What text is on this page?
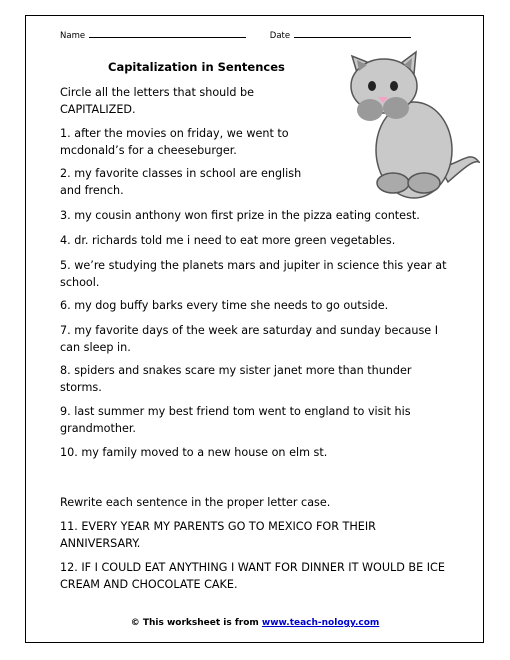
Name	Date
Capitalization in Sentences
Circle all the letters that should be CAPITALIZED.
1. after the movies on friday, we went to mcdonald’s for a cheeseburger.
2. my favorite classes in school are english and french.
3. my cousin anthony won first prize in the pizza eating contest.
4. dr. richards told me i need to eat more green vegetables.
5. we’re studying the planets mars and jupiter in science this year at school.
6. my dog buffy barks every time she needs to go outside.
7. my favorite days of the week are saturday and sunday because I can sleep in.
8. spiders and snakes scare my sister janet more than thunder storms.
9. last summer my best friend tom went to england to visit his grandmother.
10. my family moved to a new house on elm st.
Rewrite each sentence in the proper letter case.
11. EVERY YEAR MY PARENTS GO TO MEXICO FOR THEIR ANNIVERSARY.
12. IF I COULD EAT ANYTHING I WANT FOR DINNER IT WOULD BE ICE CREAM AND CHOCOLATE CAKE.
© This worksheet is from www.teach-nology.com
